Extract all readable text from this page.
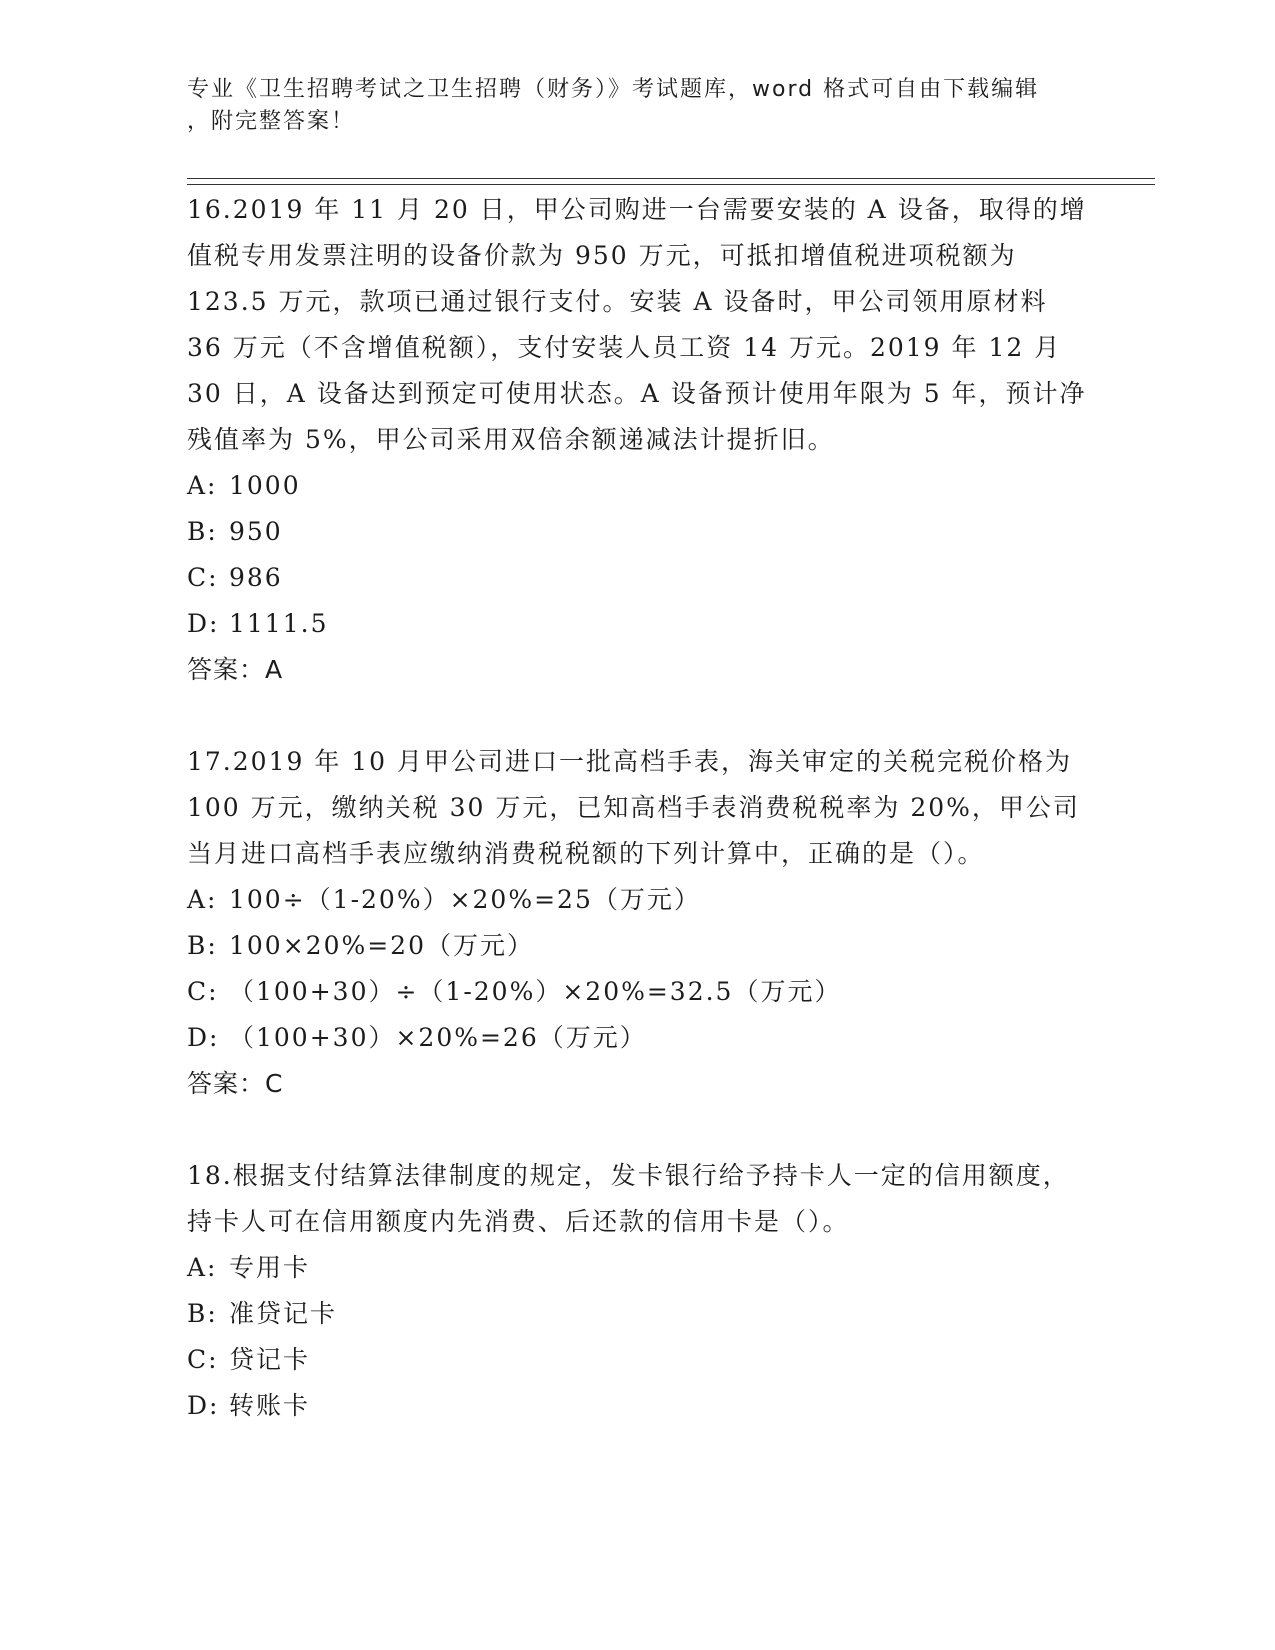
专业《卫生招聘考试之卫生招聘（财务）》考试题库，word 格式可自由下载编辑
，附完整答案！

16.2019 年 11 月 20 日，甲公司购进一台需要安装的 A 设备，取得的增值税专用发票注明的设备价款为 950 万元，可抵扣增值税进项税额为 123.5 万元，款项已通过银行支付。安装 A 设备时，甲公司领用原材料 36 万元（不含增值税额），支付安装人员工资 14 万元。2019 年 12 月 30 日，A 设备达到预定可使用状态。A 设备预计使用年限为 5 年，预计净残值率为 5%，甲公司采用双倍余额递减法计提折旧。

A: 1000

B: 950

C: 986

D: 1111.5

答案：A

17.2019 年 10 月甲公司进口一批高档手表，海关审定的关税完税价格为 100 万元，缴纳关税 30 万元，已知高档手表消费税税率为 20%，甲公司当月进口高档手表应缴纳消费税税额的下列计算中，正确的是（）。

A: 100÷（1-20%）×20%=25（万元）

B: 100×20%=20（万元）

C: （100+30）÷（1-20%）×20%=32.5（万元）

D: （100+30）×20%=26（万元）

答案：C

18.根据支付结算法律制度的规定，发卡银行给予持卡人一定的信用额度，持卡人可在信用额度内先消费、后还款的信用卡是（）。

A: 专用卡

B: 准贷记卡

C: 贷记卡

D: 转账卡
